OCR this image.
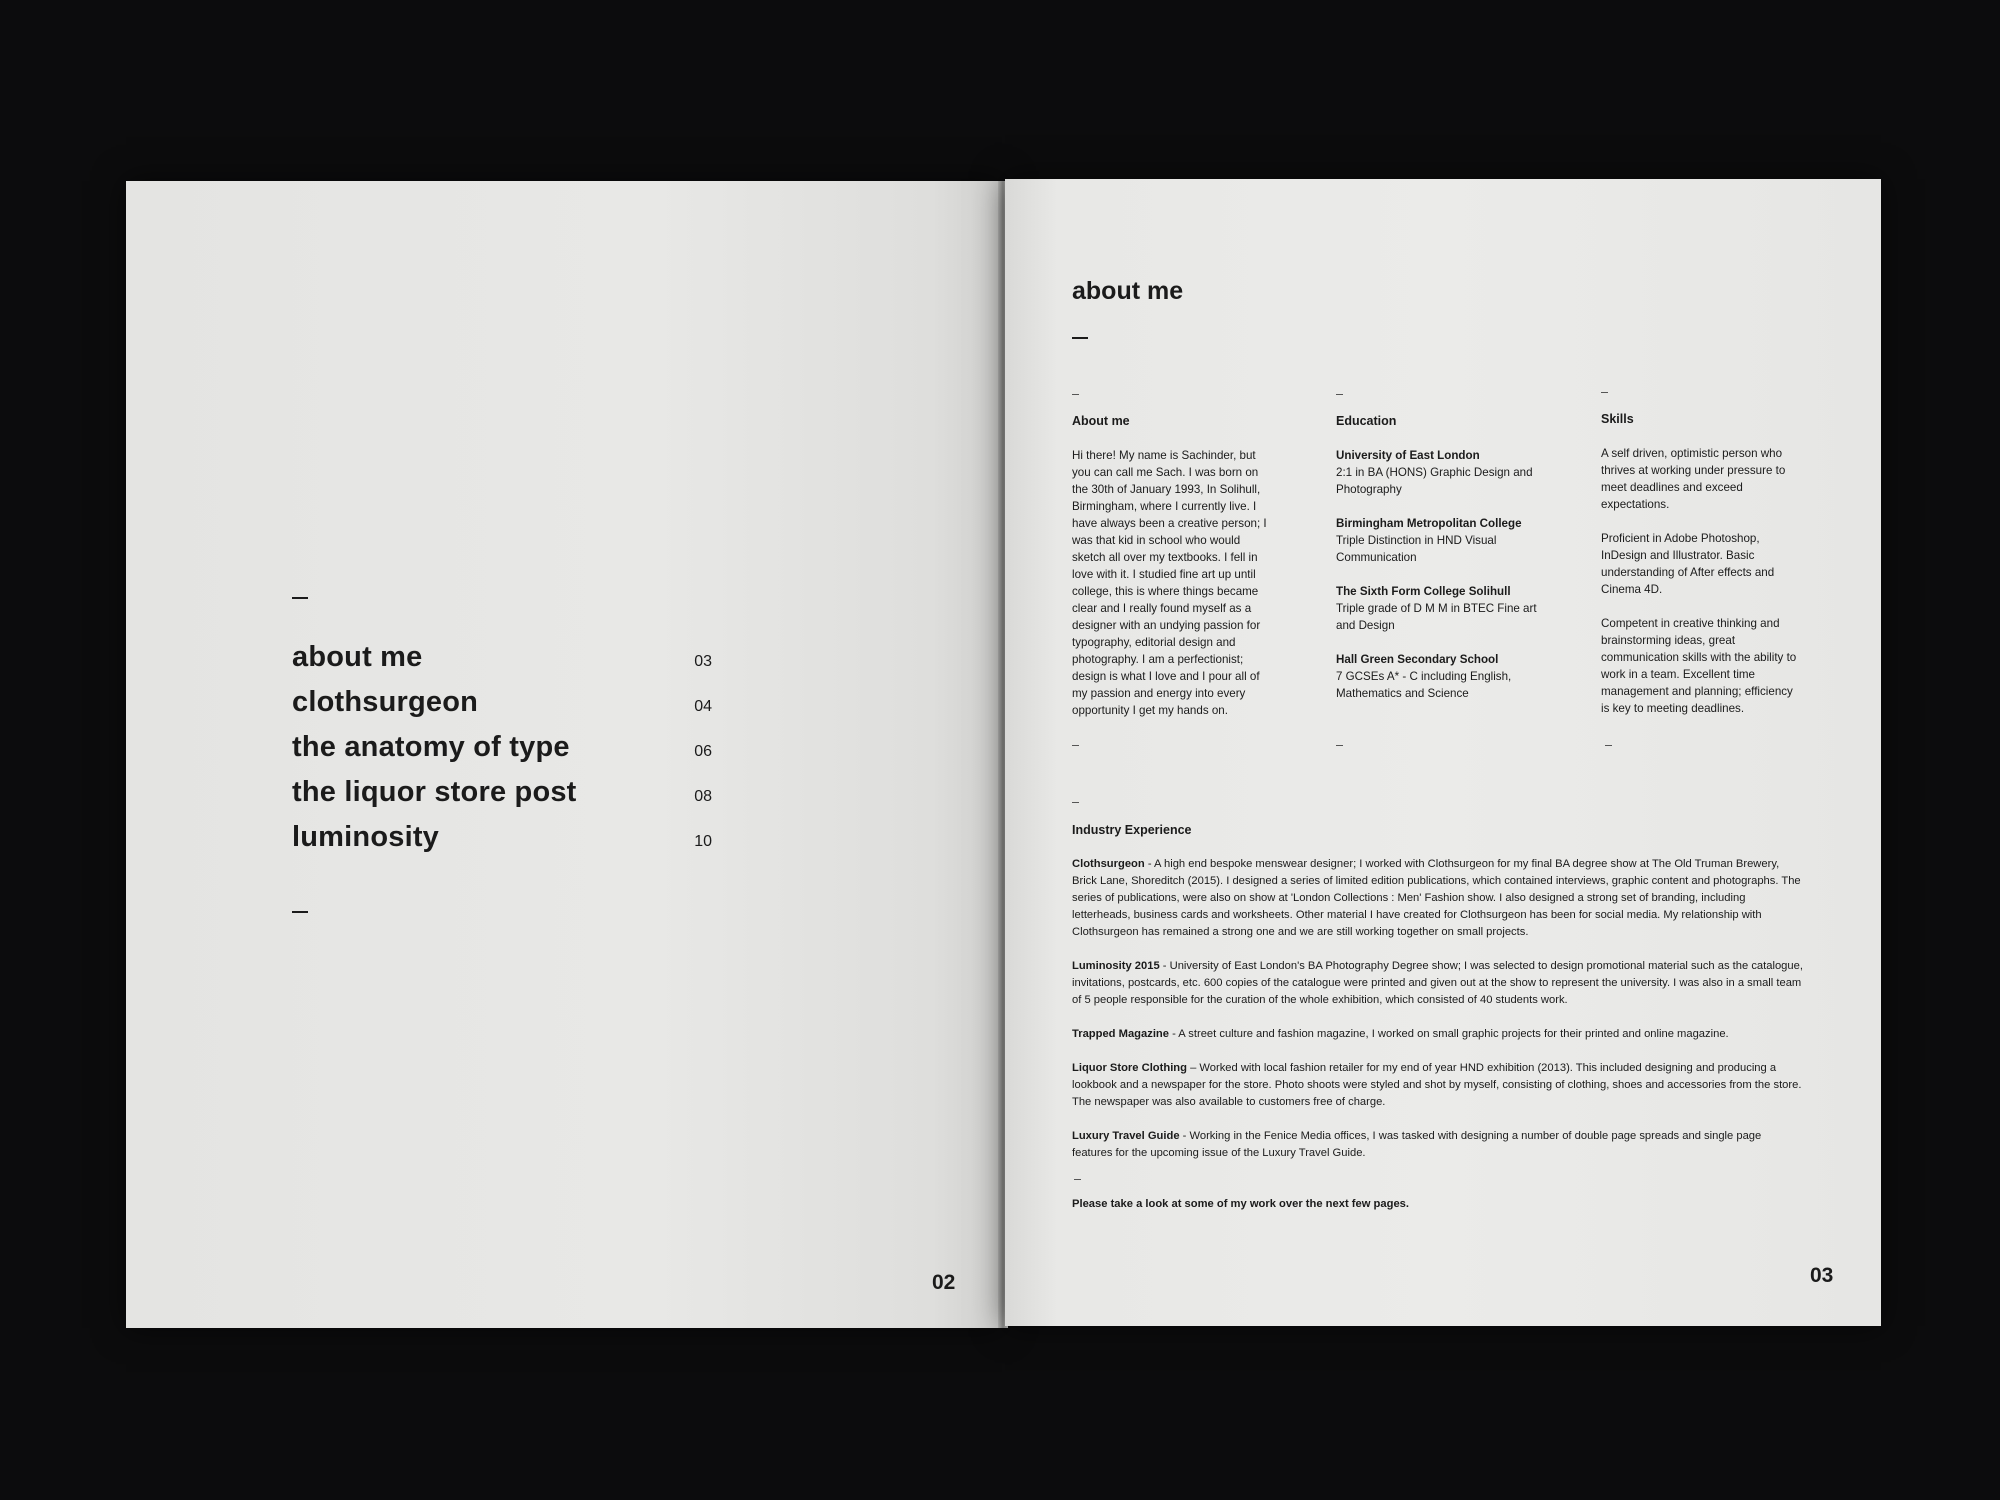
about me	03
clothsurgeon	04
the anatomy of type	06
the liquor store post	08
luminosity	10
02
about me
About me

Hi there! My name is Sachinder, but you can call me Sach. I was born on the 30th of January 1993, In Solihull, Birmingham, where I currently live. I have always been a creative person; I was that kid in school who would sketch all over my textbooks. I fell in love with it. I studied fine art up until college, this is where things became clear and I really found myself as a designer with an undying passion for typography, editorial design and photography. I am a perfectionist; design is what I love and I pour all of my passion and energy into every opportunity I get my hands on.

Education

University of East London
2:1 in BA (HONS) Graphic Design and Photography

Birmingham Metropolitan College
Triple Distinction in HND Visual Communication

The Sixth Form College Solihull
Triple grade of D M M in BTEC Fine art and Design

Hall Green Secondary School
7 GCSEs A* - C including English, Mathematics and Science

Skills

A self driven, optimistic person who thrives at working under pressure to meet deadlines and exceed expectations.

Proficient in Adobe Photoshop, InDesign and Illustrator. Basic understanding of After effects and Cinema 4D.

Competent in creative thinking and brainstorming ideas, great communication skills with the ability to work in a team. Excellent time management and planning; efficiency is key to meeting deadlines.

Industry Experience

Clothsurgeon - A high end bespoke menswear designer; I worked with Clothsurgeon for my final BA degree show at The Old Truman Brewery, Brick Lane, Shoreditch (2015). I designed a series of limited edition publications, which contained interviews, graphic content and photographs. The series of publications, were also on show at 'London Collections : Men' Fashion show. I also designed a strong set of branding, including letterheads, business cards and worksheets. Other material I have created for Clothsurgeon has been for social media. My relationship with Clothsurgeon has remained a strong one and we are still working together on small projects.

Luminosity 2015 - University of East London's BA Photography Degree show; I was selected to design promotional material such as the catalogue, invitations, postcards, etc. 600 copies of the catalogue were printed and given out at the show to represent the university. I was also in a small team of 5 people responsible for the curation of the whole exhibition, which consisted of 40 students work.

Trapped Magazine - A street culture and fashion magazine, I worked on small graphic projects for their printed and online magazine.

Liquor Store Clothing – Worked with local fashion retailer for my end of year HND exhibition (2013). This included designing and producing a lookbook and a newspaper for the store. Photo shoots were styled and shot by myself, consisting of clothing, shoes and accessories from the store. The newspaper was also available to customers free of charge.

Luxury Travel Guide - Working in the Fenice Media offices, I was tasked with designing a number of double page spreads and single page features for the upcoming issue of the Luxury Travel Guide.

Please take a look at some of my work over the next few pages.

03
